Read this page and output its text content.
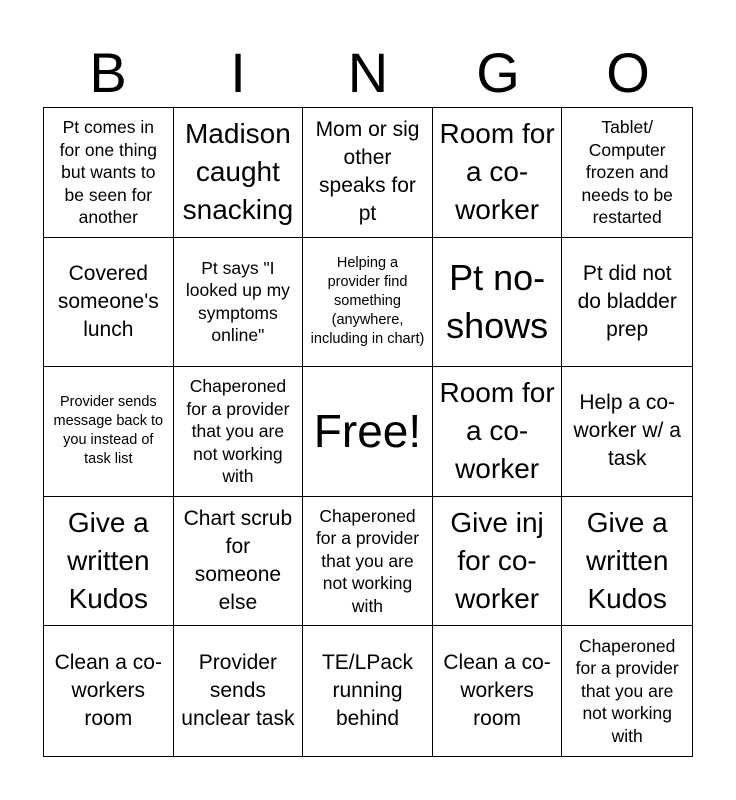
B	I	N	G	O
Pt comes in for one thing but wants to be seen for another
Madison caught snacking
Mom or sig other speaks for pt
Room for a co-worker
Tablet/ Computer frozen and needs to be restarted
Covered someone's lunch
Pt says "I looked up my symptoms online"
Helping a provider find something (anywhere, including in chart)
Pt no-shows
Pt did not do bladder prep
Provider sends message back to you instead of task list
Chaperoned for a provider that you are not working with
Free!
Room for a co-worker
Help a co-worker w/ a task
Give a written Kudos
Chart scrub for someone else
Chaperoned for a provider that you are not working with
Give inj for co-worker
Give a written Kudos
Clean a co-workers room
Provider sends unclear task
TE/LPack running behind
Clean a co-workers room
Chaperoned for a provider that you are not working with
